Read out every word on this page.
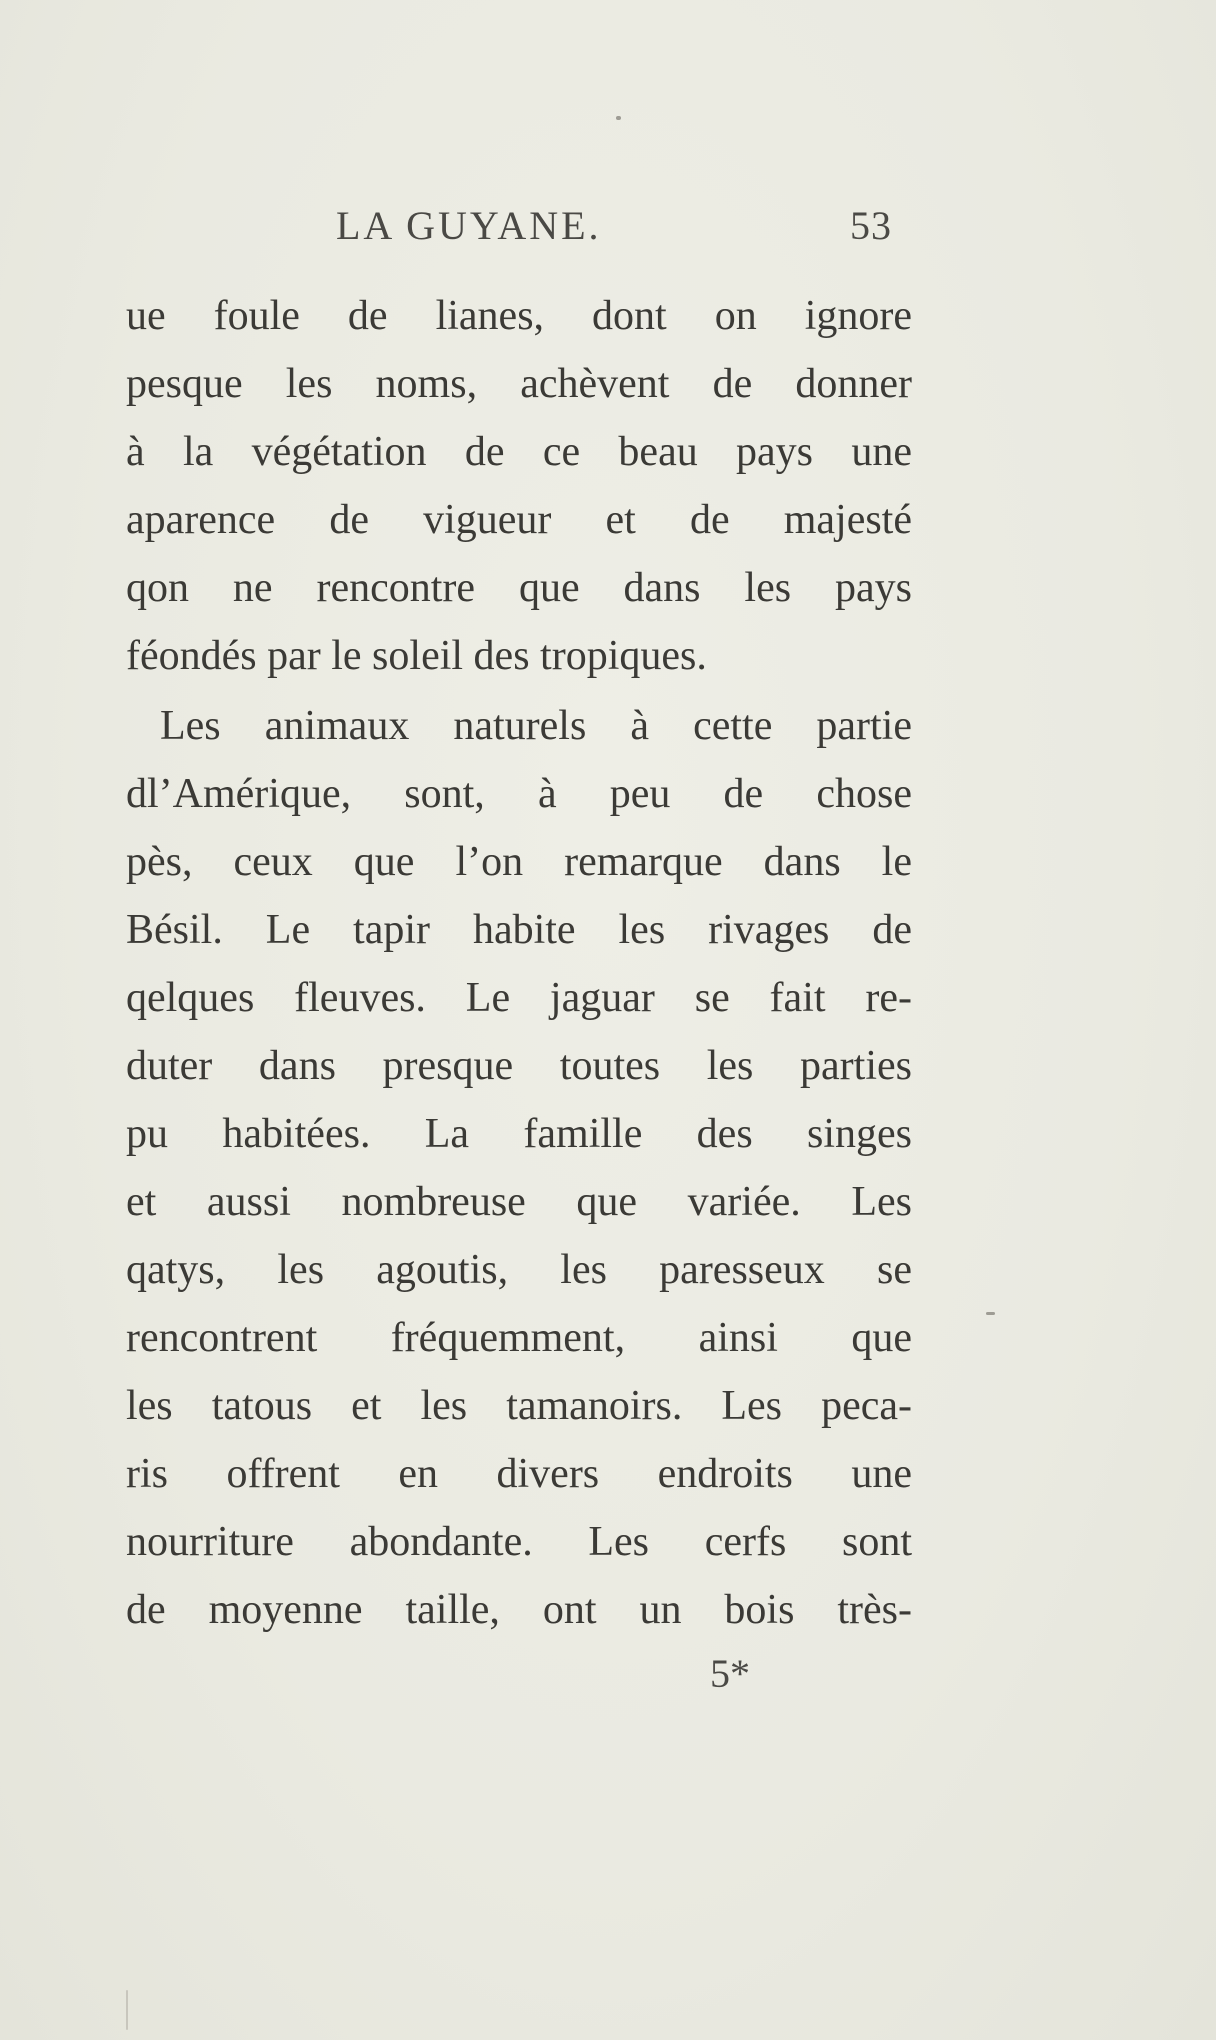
LA GUYANE.	53
ue foule de lianes, dont on ignore
pesque les noms, achèvent de donner
à la végétation de ce beau pays une
aparence de vigueur et de majesté
qon ne rencontre que dans les pays
féondés par le soleil des tropiques.
Les animaux naturels à cette partie
dl’Amérique, sont, à peu de chose
pès, ceux que l’on remarque dans le
Bésil. Le tapir habite les rivages de
qelques fleuves. Le jaguar se fait re-
duter dans presque toutes les parties
pu habitées. La famille des singes
et aussi nombreuse que variée. Les
qatys, les agoutis, les paresseux se
rencontrent fréquemment, ainsi que
les tatous et les tamanoirs. Les peca-
ris offrent en divers endroits une
nourriture abondante. Les cerfs sont
de moyenne taille, ont un bois très-
5*
